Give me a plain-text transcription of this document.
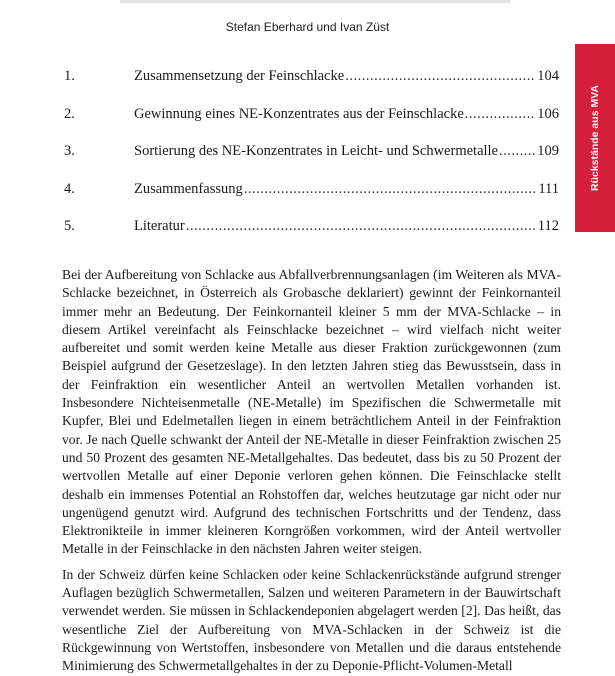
Stefan Eberhard und Ivan Züst
Rückstände aus MVA
1.	Zusammensetzung der Feinschlacke .....	104
2.	Gewinnung eines NE-Konzentrates aus der Feinschlacke .....	106
3.	Sortierung des NE-Konzentrates in Leicht- und Schwermetalle .....	109
4.	Zusammenfassung .....	111
5.	Literatur .....	112

Bei der Aufbereitung von Schlacke aus Abfallverbrennungsanlagen (im Weiteren als MVA-Schlacke bezeichnet, in Österreich als Grobasche deklariert) gewinnt der Feinkornanteil immer mehr an Bedeutung. Der Feinkornanteil kleiner 5 mm der MVA-Schlacke – in diesem Artikel vereinfacht als Feinschlacke bezeichnet – wird vielfach nicht weiter aufbereitet und somit werden keine Metalle aus dieser Fraktion zurückgewonnen (zum Beispiel aufgrund der Gesetzeslage). In den letzten Jahren stieg das Bewusstsein, dass in der Feinfraktion ein wesentlicher Anteil an wertvollen Metallen vorhanden ist. Insbesondere Nichteisenmetalle (NE-Metalle) im Spezifischen die Schwermetalle mit Kupfer, Blei und Edelmetallen liegen in einem beträchtlichem Anteil in der Feinfraktion vor. Je nach Quelle schwankt der Anteil der NE-Metalle in dieser Feinfraktion zwischen 25 und 50 Prozent des gesamten NE-Metallgehaltes. Das bedeutet, dass bis zu 50 Prozent der wertvollen Metalle auf einer Deponie verloren gehen können. Die Feinschlacke stellt deshalb ein immenses Potential an Rohstoffen dar, welches heutzutage gar nicht oder nur ungenügend genutzt wird. Aufgrund des technischen Fortschritts und der Tendenz, dass Elektronikteile in immer kleineren Korngrößen vorkommen, wird der Anteil wertvoller Metalle in der Feinschlacke in den nächsten Jahren weiter steigen.

In der Schweiz dürfen keine Schlacken oder keine Schlackenrückstände aufgrund strenger Auflagen bezüglich Schwermetallen, Salzen und weiteren Parametern in der Bauwirtschaft verwendet werden. Sie müssen in Schlackendeponien abgelagert werden [2]. Das heißt, das wesentliche Ziel der Aufbereitung von MVA-Schlacken in der Schweiz ist die Rückgewinnung von Wertstoffen, insbesondere von Metallen und die daraus entstehende Minimierung des Schwermetallgehaltes in der zu Deponie-Pflicht-Volumen-Metall
